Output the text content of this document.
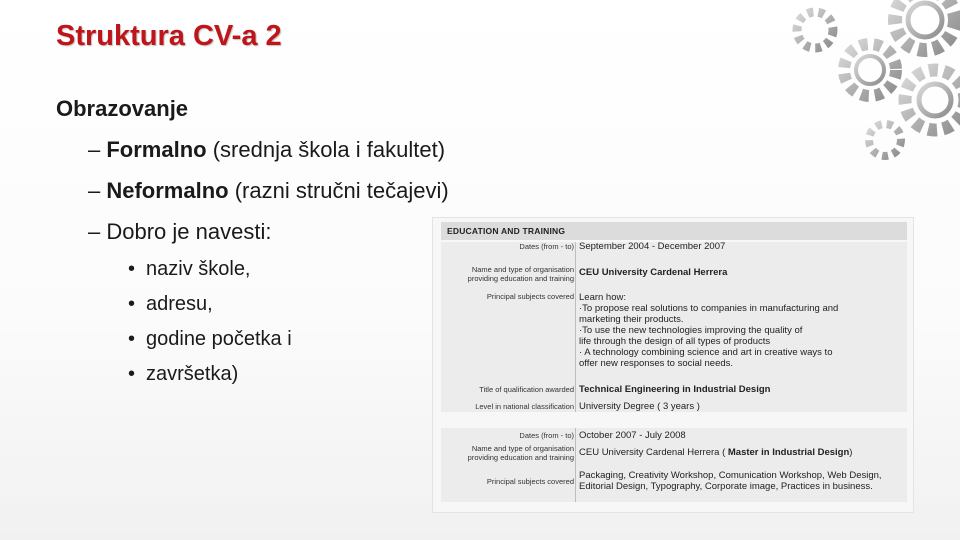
Struktura CV-a 2
Obrazovanje
– Formalno (srednja škola i fakultet)
– Neformalno (razni stručni tečajevi)
– Dobro je navesti:
• naziv škole,
• adresu,
• godine početka i
• završetka)
EDUCATION AND TRAINING
Dates (from - to) September 2004 - December 2007
Name and type of organisation
providing education and training
CEU University Cardenal Herrera
Principal subjects covered Learn how:
·To propose real solutions to companies in manufacturing and
marketing their products.
·To use the new technologies improving the quality of
life through the design of all types of products
· A technology combining science and art in creative ways to
offer new responses to social needs.
Title of qualification awarded Technical Engineering in Industrial Design
Level in national classification University Degree ( 3 years )
Dates (from - to) October 2007 - July 2008
Name and type of organisation
providing education and training CEU University Cardenal Herrera ( Master in Industrial Design)
Principal subjects covered
Packaging, Creativity Workshop, Comunication Workshop, Web Design,
Editorial Design, Typography, Corporate image, Practices in business.
